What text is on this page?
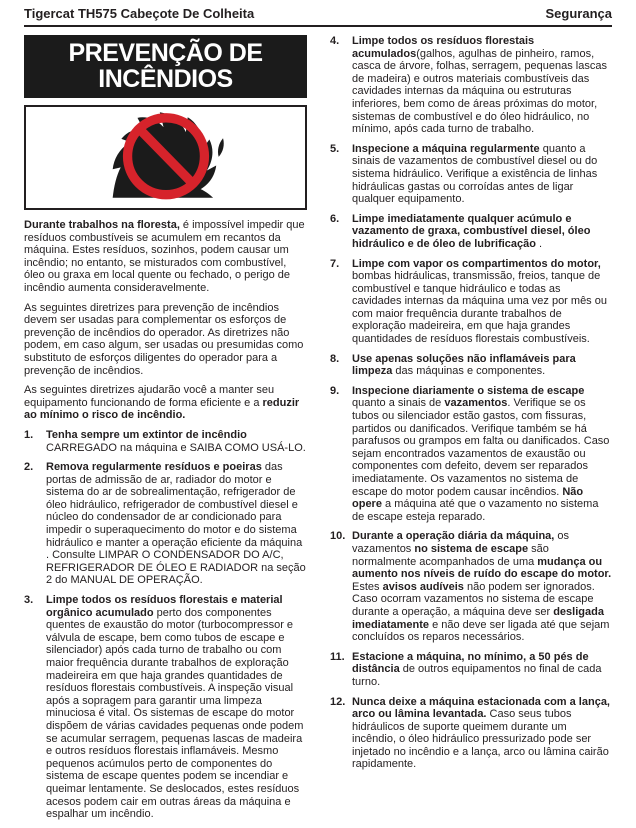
Tigercat TH575 Cabeçote De Colheita	Segurança
PREVENÇÃO DE
INCÊNDIOS

Durante trabalhos na floresta, é impossível impedir que resíduos combustíveis se acumulem em recantos da máquina. Estes resíduos, sozinhos, podem causar um incêndio; no entanto, se misturados com combustível, óleo ou graxa em local quente ou fechado, o perigo de incêndio aumenta consideravelmente.

As seguintes diretrizes para prevenção de incêndios devem ser usadas para complementar os esforços de prevenção de incêndios do operador. As diretrizes não podem, em caso algum, ser usadas ou presumidas como substituto de esforços diligentes do operador para a prevenção de incêndios.

As seguintes diretrizes ajudarão você a manter seu equipamento funcionando de forma eficiente e a reduzir ao mínimo o risco de incêndio.

1.	Tenha sempre um extintor de incêndio CARREGADO na máquina e SAIBA COMO USÁ-LO.
2.	Remova regularmente resíduos e poeiras das portas de admissão de ar, radiador do motor e sistema do ar de sobrealimentação, refrigerador de óleo hidráulico, refrigerador de combustível diesel e núcleo do condensador de ar condicionado para impedir o superaquecimento do motor e do sistema hidráulico e manter a operação eficiente da máquina . Consulte LIMPAR O CONDENSADOR DO A/C, REFRIGERADOR DE ÓLEO E RADIADOR na seção 2 do MANUAL DE OPERAÇÃO.
3.	Limpe todos os resíduos florestais e material orgânico acumulado perto dos componentes quentes de exaustão do motor (turbocompressor e válvula de escape, bem como tubos de escape e silenciador) após cada turno de trabalho ou com maior frequência durante trabalhos de exploração madeireira em que haja grandes quantidades de resíduos florestais combustíveis. A inspeção visual após a sopragem para garantir uma limpeza minuciosa é vital. Os sistemas de escape do motor dispõem de várias cavidades pequenas onde podem se acumular serragem, pequenas lascas de madeira e outros resíduos florestais inflamáveis. Mesmo pequenos acúmulos perto de componentes do sistema de escape quentes podem se incendiar e queimar lentamente. Se deslocados, estes resíduos acesos podem cair em outras áreas da máquina e espalhar um incêndio.
4.	Limpe todos os resíduos florestais acumulados(galhos, agulhas de pinheiro, ramos, casca de árvore, folhas, serragem, pequenas lascas de madeira) e outros materiais combustíveis das cavidades internas da máquina ou estruturas inferiores, bem como de áreas próximas do motor, sistemas de combustível e do óleo hidráulico, no mínimo, após cada turno de trabalho.
5.	Inspecione a máquina regularmente quanto a sinais de vazamentos de combustível diesel ou do sistema hidráulico. Verifique a existência de linhas hidráulicas gastas ou corroídas antes de ligar qualquer equipamento.
6.	Limpe imediatamente qualquer acúmulo e vazamento de graxa, combustível diesel, óleo hidráulico e de óleo de lubrificação .
7.	Limpe com vapor os compartimentos do motor, bombas hidráulicas, transmissão, freios, tanque de combustível e tanque hidráulico e todas as cavidades internas da máquina uma vez por mês ou com maior frequência durante trabalhos de exploração madeireira, em que haja grandes quantidades de resíduos florestais combustíveis.
8.	Use apenas soluções não inflamáveis para limpeza das máquinas e componentes.
9.	Inspecione diariamente o sistema de escape quanto a sinais de vazamentos. Verifique se os tubos ou silenciador estão gastos, com fissuras, partidos ou danificados. Verifique também se há parafusos ou grampos em falta ou danificados. Caso sejam encontrados vazamentos de exaustão ou componentes com defeito, devem ser reparados imediatamente. Os vazamentos no sistema de escape do motor podem causar incêndios. Não opere a máquina até que o vazamento no sistema de escape esteja reparado.
10. Durante a operação diária da máquina, os vazamentos no sistema de escape são normalmente acompanhados de uma mudança ou aumento nos níveis de ruído do escape do motor. Estes avisos audíveis não podem ser ignorados. Caso ocorram vazamentos no sistema de escape durante a operação, a máquina deve ser desligada imediatamente e não deve ser ligada até que sejam concluídos os reparos necessários.
11. Estacione a máquina, no mínimo, a 50 pés de distância de outros equipamentos no final de cada turno.
12. Nunca deixe a máquina estacionada com a lança, arco ou lâmina levantada. Caso seus tubos hidráulicos de suporte queimem durante um incêndio, o óleo hidráulico pressurizado pode ser injetado no incêndio e a lança, arco ou lâmina cairão rapidamente.
